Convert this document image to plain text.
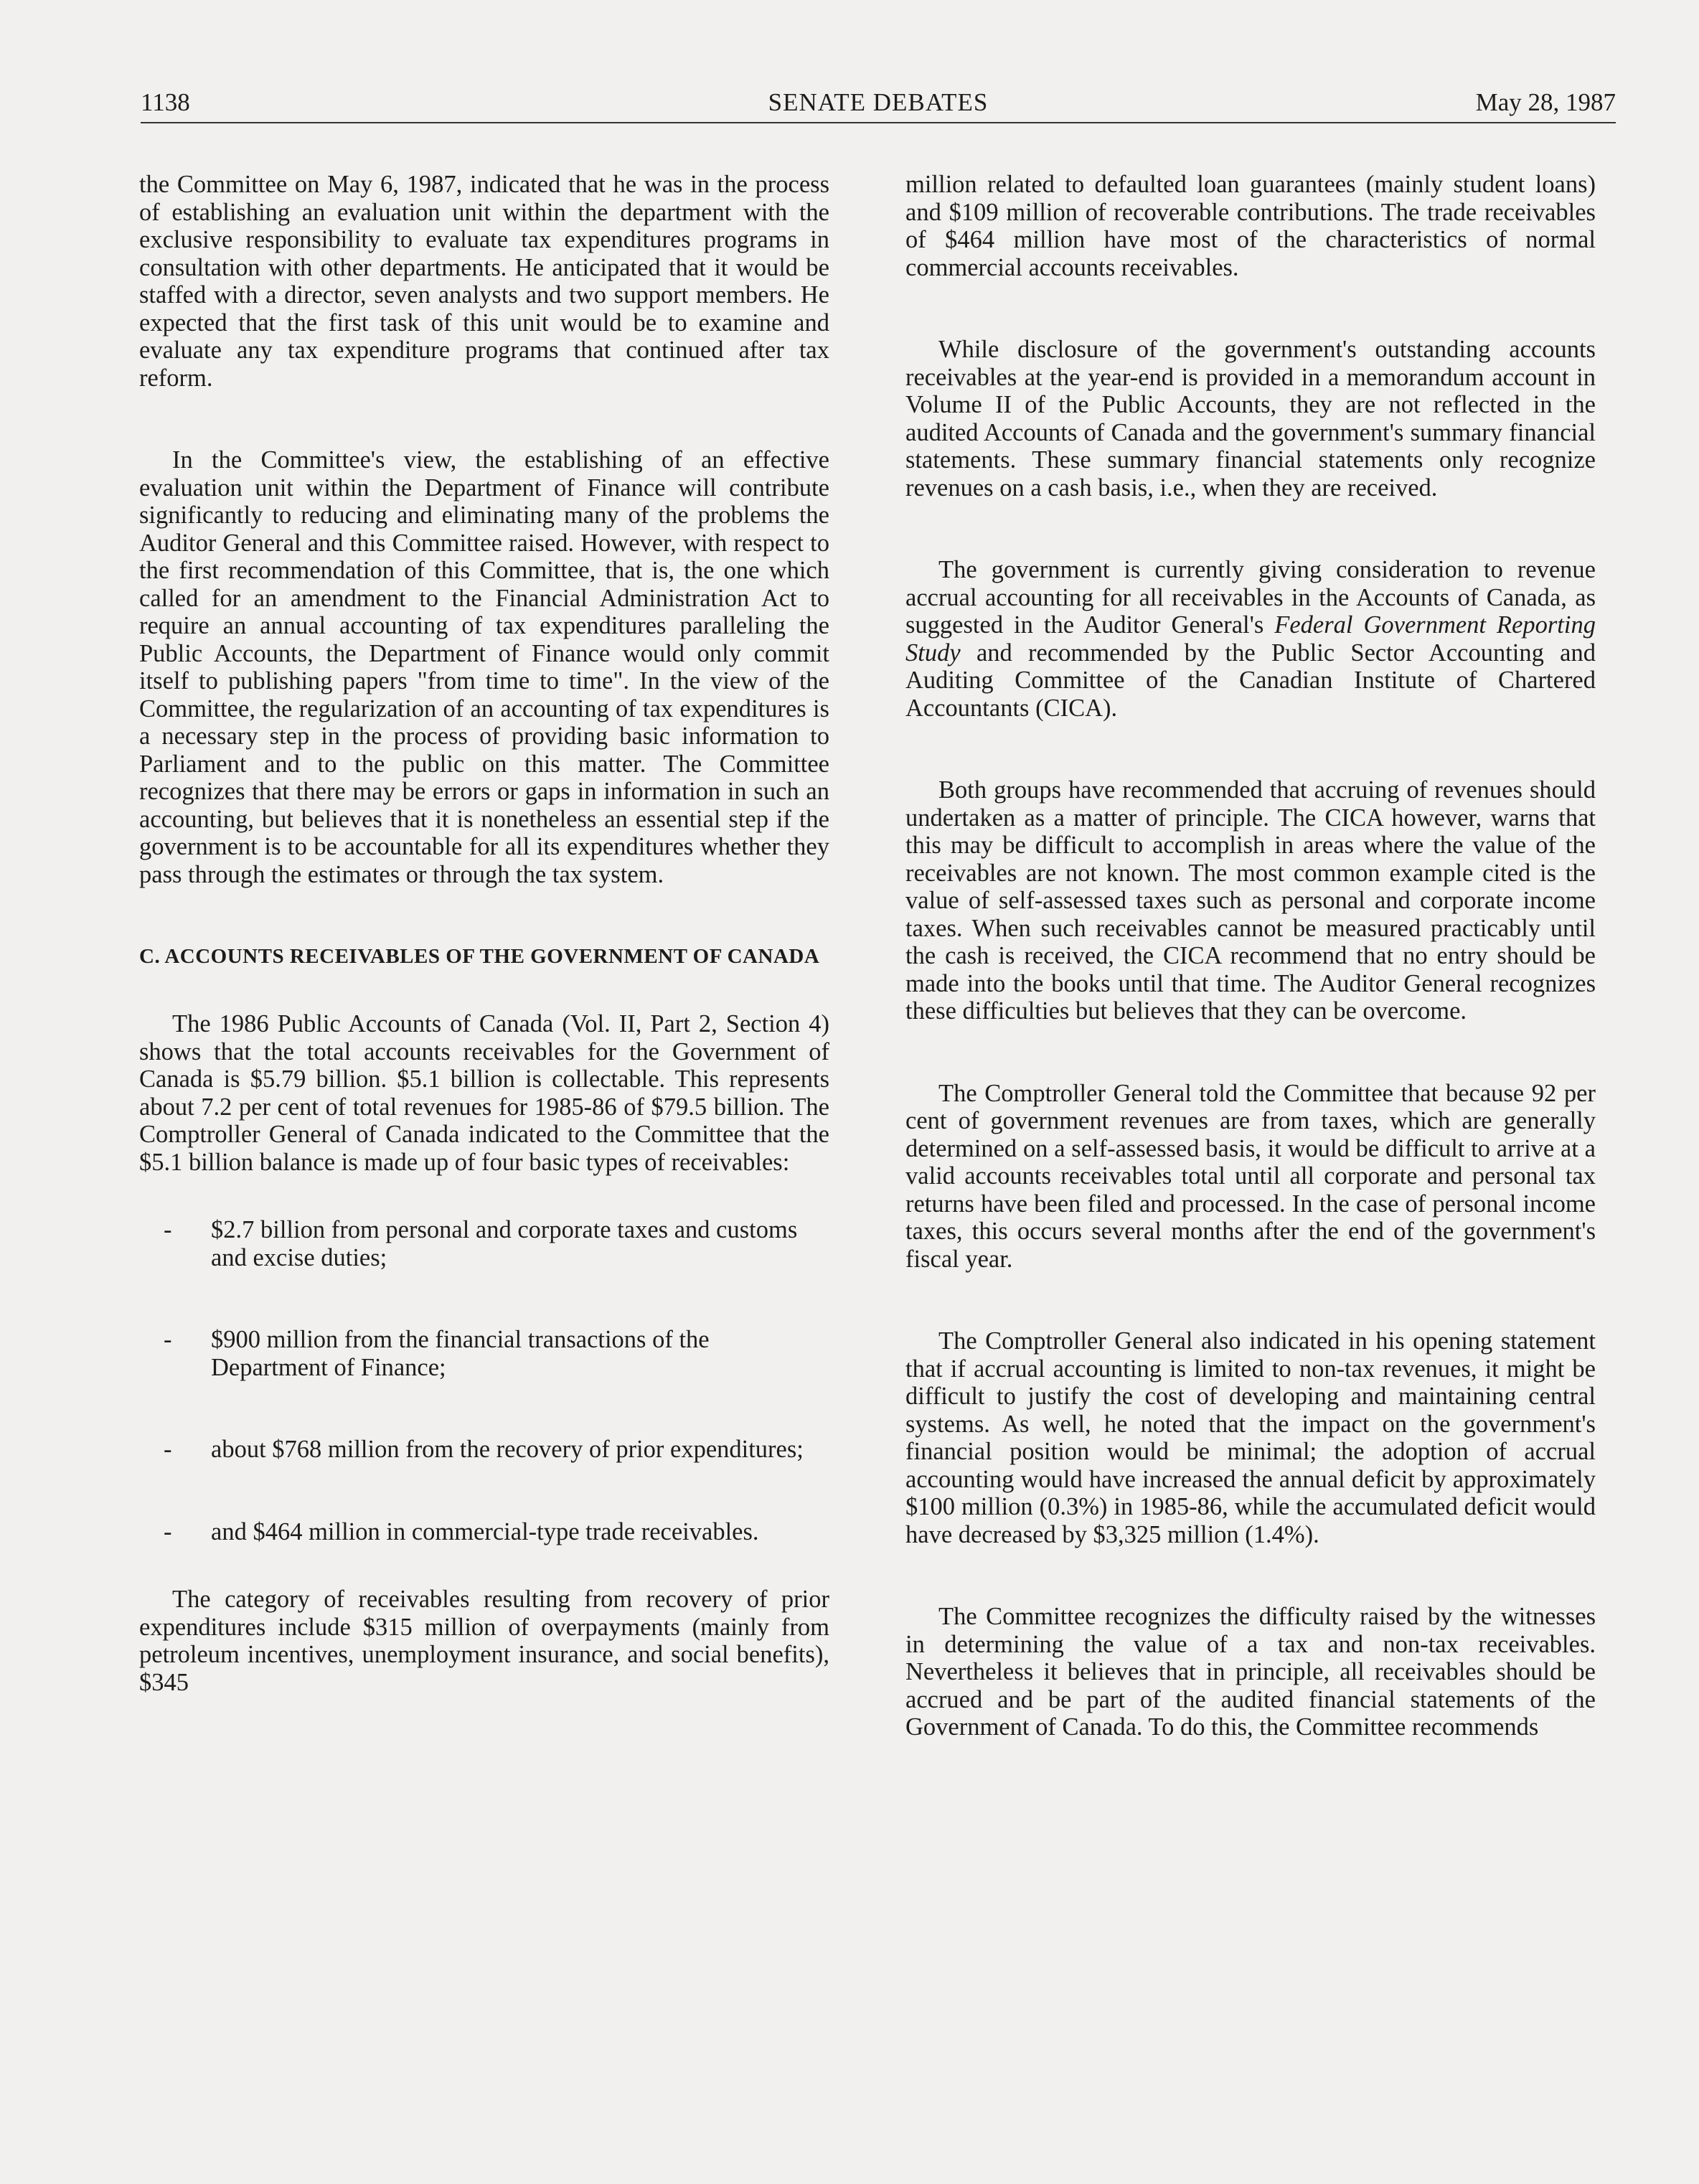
1138	SENATE DEBATES	May 28, 1987

the Committee on May 6, 1987, indicated that he was in the process of establishing an evaluation unit within the department with the exclusive responsibility to evaluate tax expenditures programs in consultation with other departments. He anticipated that it would be staffed with a director, seven analysts and two support members. He expected that the first task of this unit would be to examine and evaluate any tax expenditure programs that continued after tax reform.

In the Committee's view, the establishing of an effective evaluation unit within the Department of Finance will contribute significantly to reducing and eliminating many of the problems the Auditor General and this Committee raised. However, with respect to the first recommendation of this Committee, that is, the one which called for an amendment to the Financial Administration Act to require an annual accounting of tax expenditures paralleling the Public Accounts, the Department of Finance would only commit itself to publishing papers "from time to time". In the view of the Committee, the regularization of an accounting of tax expenditures is a necessary step in the process of providing basic information to Parliament and to the public on this matter. The Committee recognizes that there may be errors or gaps in information in such an accounting, but believes that it is nonetheless an essential step if the government is to be accountable for all its expenditures whether they pass through the estimates or through the tax system.

C. ACCOUNTS RECEIVABLES OF THE GOVERNMENT OF CANADA

The 1986 Public Accounts of Canada (Vol. II, Part 2, Section 4) shows that the total accounts receivables for the Government of Canada is $5.79 billion. $5.1 billion is collectable. This represents about 7.2 per cent of total revenues for 1985-86 of $79.5 billion. The Comptroller General of Canada indicated to the Committee that the $5.1 billion balance is made up of four basic types of receivables:

- $2.7 billion from personal and corporate taxes and customs and excise duties;
- $900 million from the financial transactions of the Department of Finance;
- about $768 million from the recovery of prior expenditures;
- and $464 million in commercial-type trade receivables.

The category of receivables resulting from recovery of prior expenditures include $315 million of overpayments (mainly from petroleum incentives, unemployment insurance, and social benefits), $345

million related to defaulted loan guarantees (mainly student loans) and $109 million of recoverable contributions. The trade receivables of $464 million have most of the characteristics of normal commercial accounts receivables.

While disclosure of the government's outstanding accounts receivables at the year-end is provided in a memorandum account in Volume II of the Public Accounts, they are not reflected in the audited Accounts of Canada and the government's summary financial statements. These summary financial statements only recognize revenues on a cash basis, i.e., when they are received.

The government is currently giving consideration to revenue accrual accounting for all receivables in the Accounts of Canada, as suggested in the Auditor General's Federal Government Reporting Study and recommended by the Public Sector Accounting and Auditing Committee of the Canadian Institute of Chartered Accountants (CICA).

Both groups have recommended that accruing of revenues should undertaken as a matter of principle. The CICA however, warns that this may be difficult to accomplish in areas where the value of the receivables are not known. The most common example cited is the value of self-assessed taxes such as personal and corporate income taxes. When such receivables cannot be measured practicably until the cash is received, the CICA recommend that no entry should be made into the books until that time. The Auditor General recognizes these difficulties but believes that they can be overcome.

The Comptroller General told the Committee that because 92 per cent of government revenues are from taxes, which are generally determined on a self-assessed basis, it would be difficult to arrive at a valid accounts receivables total until all corporate and personal tax returns have been filed and processed. In the case of personal income taxes, this occurs several months after the end of the government's fiscal year.

The Comptroller General also indicated in his opening statement that if accrual accounting is limited to non-tax revenues, it might be difficult to justify the cost of developing and maintaining central systems. As well, he noted that the impact on the government's financial position would be minimal; the adoption of accrual accounting would have increased the annual deficit by approximately $100 million (0.3%) in 1985-86, while the accumulated deficit would have decreased by $3,325 million (1.4%).

The Committee recognizes the difficulty raised by the witnesses in determining the value of a tax and non-tax receivables. Nevertheless it believes that in principle, all receivables should be accrued and be part of the audited financial statements of the Government of Canada. To do this, the Committee recommends
